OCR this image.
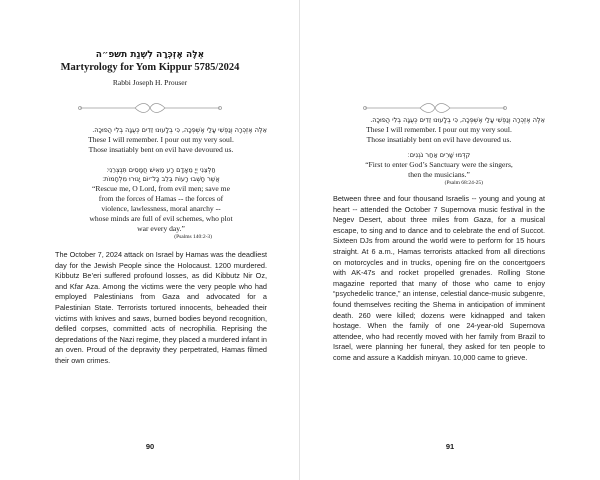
אֵלֶּה אֶזְכְּרָה לִשְׁנַת תשפ״ה
Martyrology for Yom Kippur 5785/2024
Rabbi Joseph H. Prouser
אֵלֶּה אֶזְכְּרָה וְנַפְשִׁי עָלַי אֶשְׁפְּכָה, כִּי בְלָעוּנוּ זֵדִים כְּעֻגָה בְלִי הֲפוּכָה.
These I will remember. I pour out my very soul.
Those insatiably bent on evil have devoured us.
חַלְּצֵנִי יְיָ מֵאָדָם רָע מֵאִישׁ חֲמָסִים תִּנְצְרֵנִי׃
אֲשֶׁר חָשְׁבוּ רָעוֹת בְּלֵב כָּל־יוֹם יָגוּרוּ מִלְחָמוֹת׃
“Rescue me, O Lord, from evil men; save me
from the forces of Hamas -- the forces of
violence, lawlessness, moral anarchy --
whose minds are full of evil schemes, who plot
war every day.”
(Psalms 140:2-3)

The October 7, 2024 attack on Israel by Hamas was the deadliest day for the Jewish People since the Holocaust. 1200 murdered. Kibbutz Be’eri suffered profound losses, as did Kibbutz Nir Oz, and Kfar Aza. Among the victims were the very people who had employed Palestinians from Gaza and advocated for a Palestinian State. Terrorists tortured innocents, beheaded their victims with knives and saws, burned bodies beyond recognition, defiled corpses, committed acts of necrophilia. Reprising the depredations of the Nazi regime, they placed a murdered infant in an oven. Proud of the depravity they perpetrated, Hamas filmed their own crimes.

90
אֵלֶּה אֶזְכְּרָה וְנַפְשִׁי עָלַי אֶשְׁפְּכָה, כִּי בְלָעוּנוּ זֵדִים כְּעֻגָה בְלִי הֲפוּכָה.
These I will remember. I pour out my very soul.
Those insatiably bent on evil have devoured us.
קִדְּמוּ שָׁרִים אַחַר נֹגְנִים׃
“First to enter God’s Sanctuary were the singers,
then the musicians.”
(Psalm 68:24-25)

Between three and four thousand Israelis -- young and young at heart -- attended the October 7 Supernova music festival in the Negev Desert, about three miles from Gaza, for a musical escape, to sing and to dance and to celebrate the end of Succot. Sixteen DJs from around the world were to perform for 15 hours straight. At 6 a.m., Hamas terrorists attacked from all directions on motorcycles and in trucks, opening fire on the concertgoers with AK-47s and rocket propelled grenades. Rolling Stone magazine reported that many of those who came to enjoy “psychedelic trance,” an intense, celestial dance-music subgenre, found themselves reciting the Shema in anticipation of imminent death. 260 were killed; dozens were kidnapped and taken hostage. When the family of one 24-year-old Supernova attendee, who had recently moved with her family from Brazil to Israel, were planning her funeral, they asked for ten people to come and assure a Kaddish minyan. 10,000 came to grieve.

91
